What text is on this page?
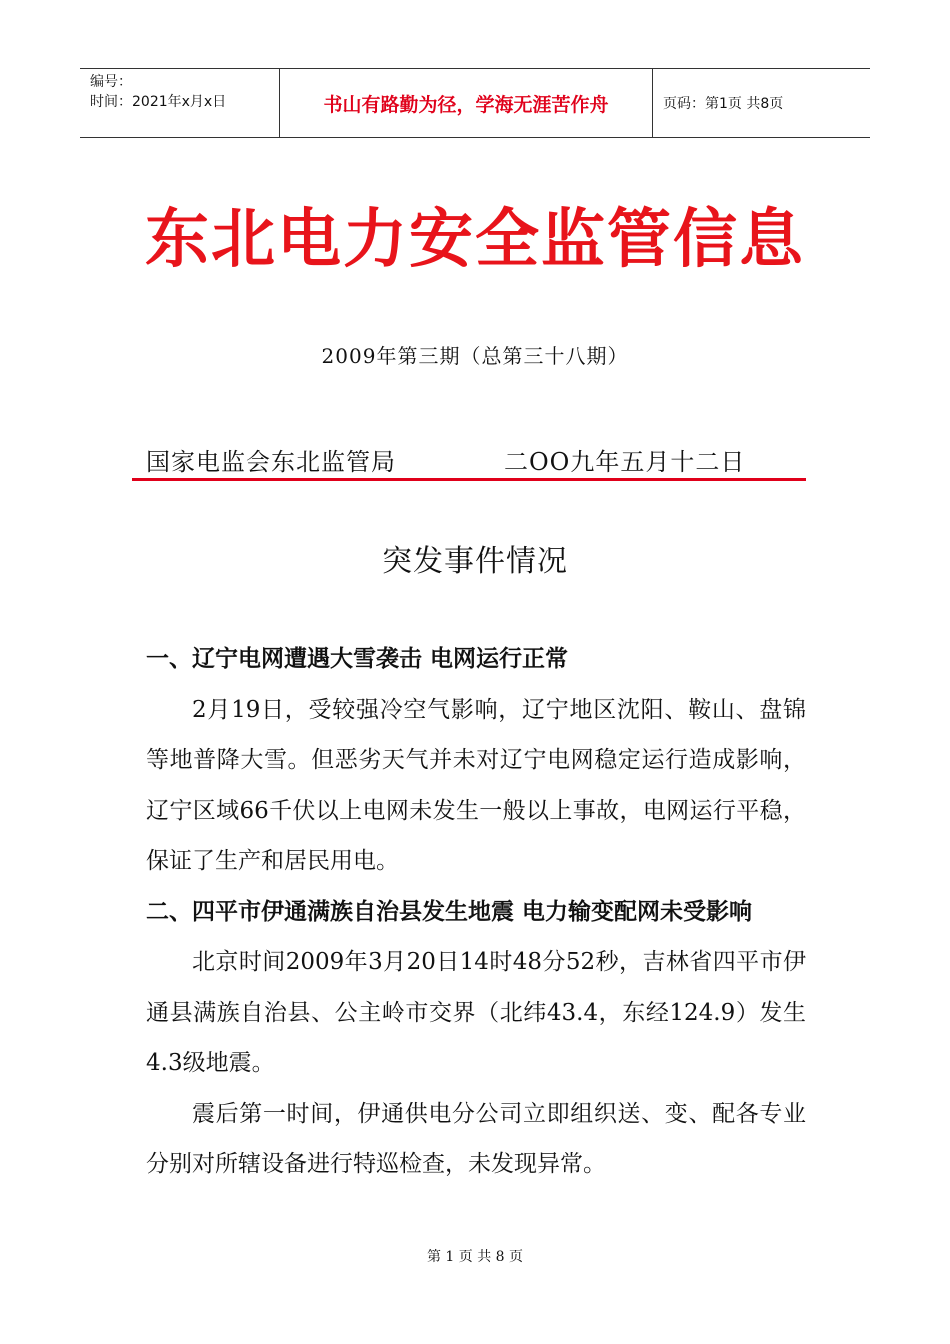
编号：
时间：2021年x月x日	书山有路勤为径，学海无涯苦作舟	页码：第1页 共8页
东北电力安全监管信息
2009年第三期（总第三十八期）
国家电监会东北监管局	二OO九年五月十二日
突发事件情况

一、辽宁电网遭遇大雪袭击 电网运行正常

2月19日，受较强冷空气影响，辽宁地区沈阳、鞍山、盘锦等地普降大雪。但恶劣天气并未对辽宁电网稳定运行造成影响，辽宁区域66千伏以上电网未发生一般以上事故，电网运行平稳，保证了生产和居民用电。

二、四平市伊通满族自治县发生地震 电力输变配网未受影响

北京时间2009年3月20日14时48分52秒，吉林省四平市伊通县满族自治县、公主岭市交界（北纬43.4，东经124.9）发生4.3级地震。

震后第一时间，伊通供电分公司立即组织送、变、配各专业分别对所辖设备进行特巡检查，未发现异常。

第 1 页 共 8 页
